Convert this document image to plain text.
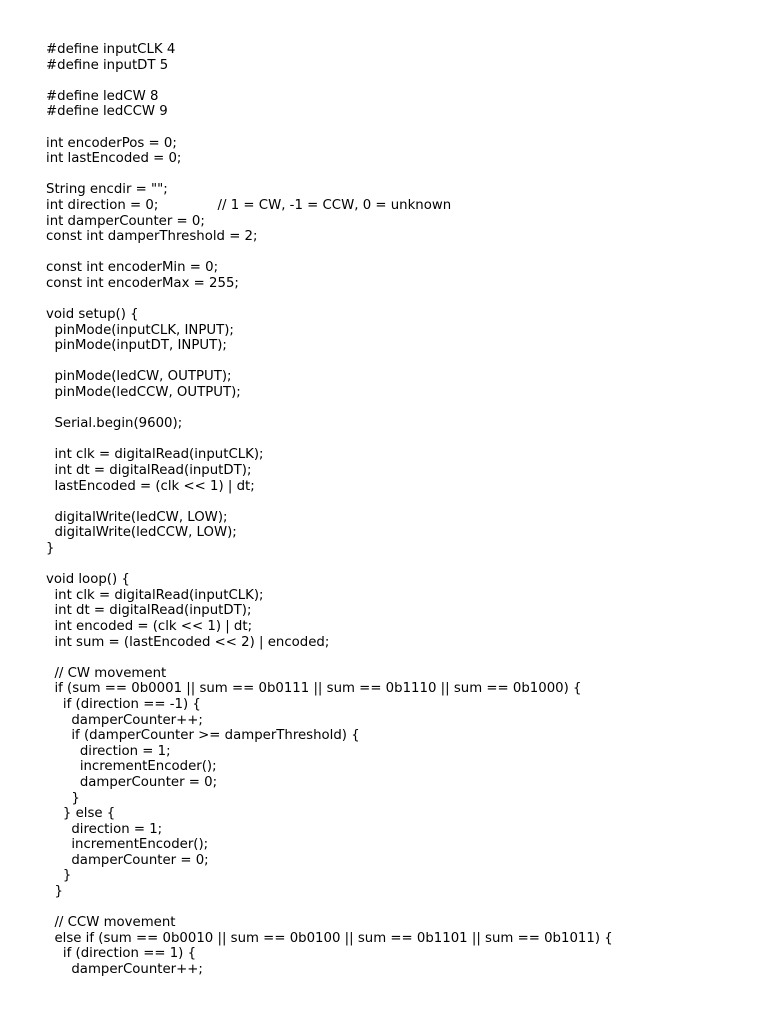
#define inputCLK 4
#define inputDT 5
#define ledCW 8
#define ledCCW 9
int encoderPos = 0;
int lastEncoded = 0;
String encdir = "";
int direction = 0;              // 1 = CW, -1 = CCW, 0 = unknown
int damperCounter = 0;
const int damperThreshold = 2;
const int encoderMin = 0;
const int encoderMax = 255;
void setup() {
pinMode(inputCLK, INPUT);
pinMode(inputDT, INPUT);
pinMode(ledCW, OUTPUT);
pinMode(ledCCW, OUTPUT);
Serial.begin(9600);
int clk = digitalRead(inputCLK);
int dt = digitalRead(inputDT);
lastEncoded = (clk << 1) | dt;
digitalWrite(ledCW, LOW);
digitalWrite(ledCCW, LOW);
}
void loop() {
int clk = digitalRead(inputCLK);
int dt = digitalRead(inputDT);
int encoded = (clk << 1) | dt;
int sum = (lastEncoded << 2) | encoded;
// CW movement
if (sum == 0b0001 || sum == 0b0111 || sum == 0b1110 || sum == 0b1000) {
if (direction == -1) {
damperCounter++;
if (damperCounter >= damperThreshold) {
direction = 1;
incrementEncoder();
damperCounter = 0;
}
} else {
direction = 1;
incrementEncoder();
damperCounter = 0;
}
}
// CCW movement
else if (sum == 0b0010 || sum == 0b0100 || sum == 0b1101 || sum == 0b1011) {
if (direction == 1) {
damperCounter++;
